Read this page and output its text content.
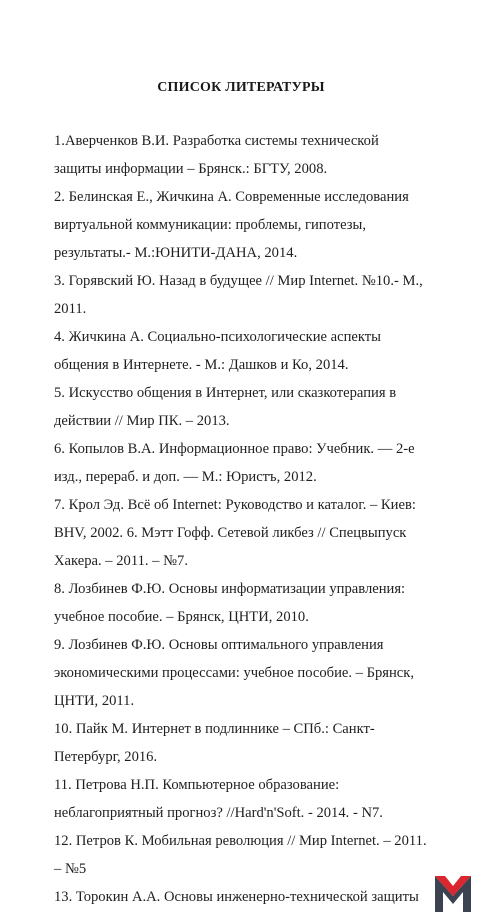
СПИСОК ЛИТЕРАТУРЫ
1.Аверченков В.И. Разработка системы технической
защиты информации – Брянск.: БГТУ, 2008.
2. Белинская Е., Жичкина А. Современные исследования
виртуальной коммуникации: проблемы, гипотезы,
результаты.- М.:ЮНИТИ-ДАНА, 2014.
3. Горявский Ю. Назад в будущее // Мир Internet. №10.- М.,
2011.
4. Жичкина А. Социально-психологические аспекты
общения в Интернете. - М.: Дашков и Ко, 2014.
5. Искусство общения в Интернет, или сказкотерапия в
действии // Мир ПК. – 2013.
6. Копылов В.А. Информационное право: Учебник. — 2-е
изд., перераб. и доп. — М.: Юристъ, 2012.
7. Крол Эд. Всё об Internet: Руководство и каталог. – Киев:
BHV, 2002. 6. Мэтт Гофф. Сетевой ликбез // Спецвыпуск
Хакера. – 2011. – №7.
8. Лозбинев Ф.Ю. Основы информатизации управления:
учебное пособие. – Брянск, ЦНТИ, 2010.
9. Лозбинев Ф.Ю. Основы оптимального управления
экономическими процессами: учебное пособие. – Брянск,
ЦНТИ, 2011.
10. Пайк М. Интернет в подлиннике – СПб.: Санкт-
Петербург, 2016.
11. Петрова Н.П. Компьютерное образование:
неблагоприятный прогноз? //Hard'n'Soft. - 2014. - N7.
12. Петров К. Мобильная революция // Мир Internet. – 2011.
– №5
13. Торокин А.А. Основы инженерно-технической защиты
